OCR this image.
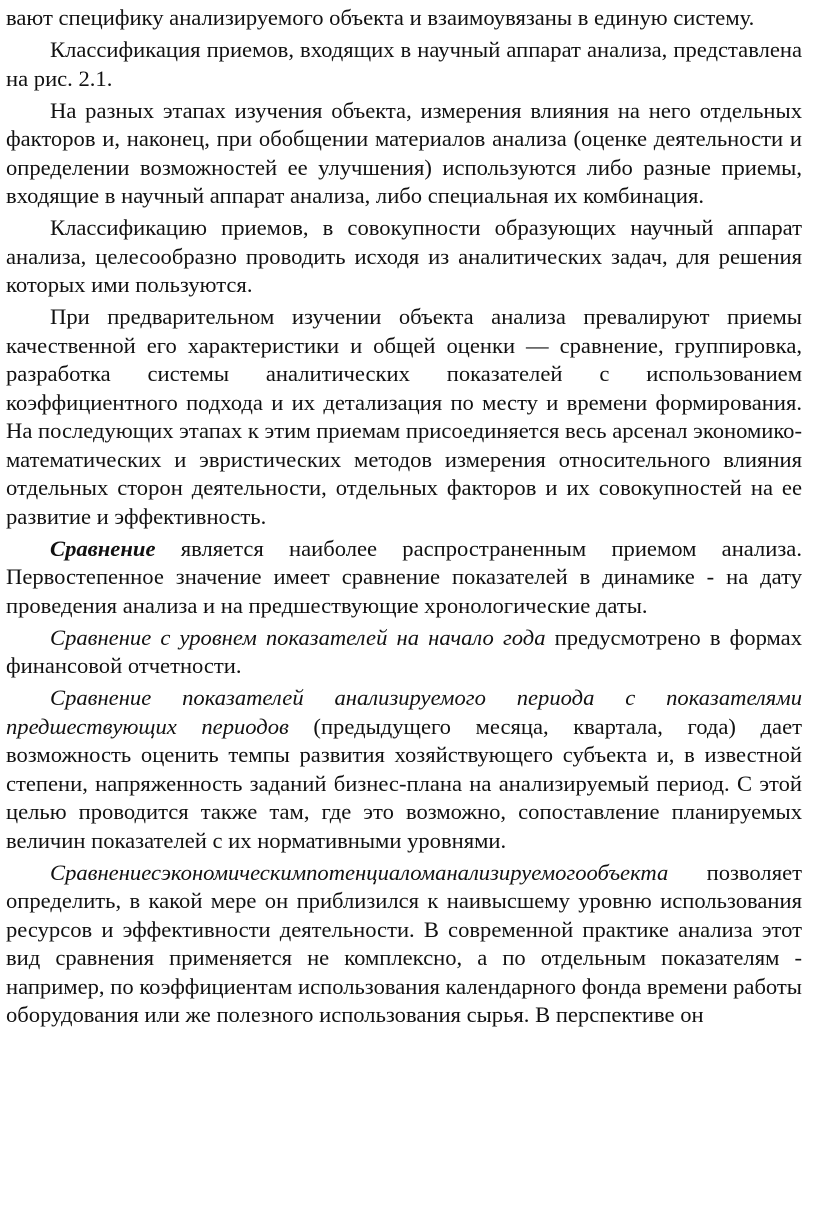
вают специфику анализируемого объекта и взаимоувязаны в единую систему.

Классификация приемов, входящих в научный аппарат анализа, представлена на рис. 2.1.

На разных этапах изучения объекта, измерения влияния на него отдельных факторов и, наконец, при обобщении материалов анализа (оценке деятельности и определении возможностей ее улучшения) используются либо разные приемы, входящие в научный аппарат анализа, либо специальная их комбинация.

Классификацию приемов, в совокупности образующих научный аппарат анализа, целесообразно проводить исходя из аналитических задач, для решения которых ими пользуются.

При предварительном изучении объекта анализа превалируют приемы качественной его характеристики и общей оценки — сравнение, группировка, разработка системы аналитических показателей с использованием коэффициентного подхода и их детализация по месту и времени формирования. На последующих этапах к этим приемам присоединяется весь арсенал экономико-математических и эвристических методов измерения относительного влияния отдельных сторон деятельности, отдельных факторов и их совокупностей на ее развитие и эффективность.

Сравнение является наиболее распространенным приемом анализа. Первостепенное значение имеет сравнение показателей в динамике - на дату проведения анализа и на предшествующие хронологические даты.

Сравнение с уровнем показателей на начало года предусмотрено в формах финансовой отчетности.

Сравнение показателей анализируемого периода с показателями предшествующих периодов (предыдущего месяца, квартала, года) дает возможность оценить темпы развития хозяйствующего субъекта и, в известной степени, напряженность заданий бизнес-плана на анализируемый период. С этой целью проводится также там, где это возможно, сопоставление планируемых величин показателей с их нормативными уровнями.

Сравнениесэкономическимпотенциаломанализируемогообъекта позволяет определить, в какой мере он приблизился к наивысшему уровню использования ресурсов и эффективности деятельности. В современной практике анализа этот вид сравнения применяется не комплексно, а по отдельным показателям - например, по коэффициентам использования календарного фонда времени работы оборудования или же полезного использования сырья. В перспективе он
